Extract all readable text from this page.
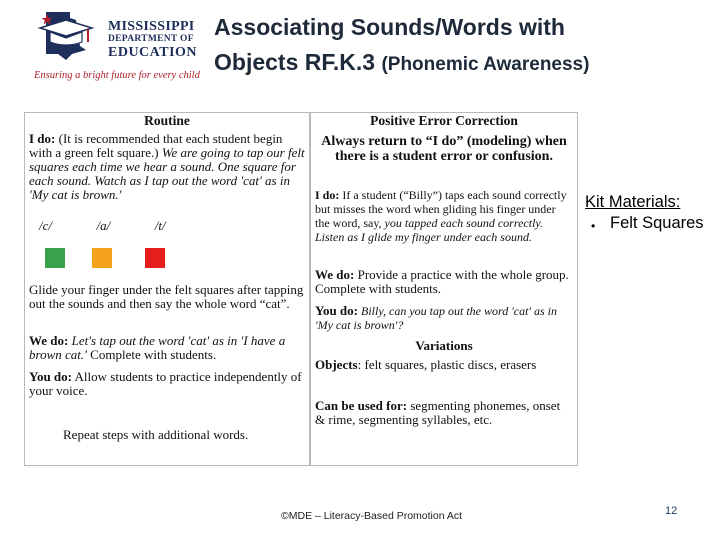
MISSISSIPPI
DEPARTMENT OF
EDUCATION
Ensuring a bright future for every child
Associating Sounds/Words with
Objects RF.K.3 (Phonemic Awareness)
Routine
I do: (It is recommended that each student begin with a green felt square.) We are going to tap our felt squares each time we hear a sound. One square for each sound. Watch as I tap out the word 'cat' as in 'My cat is brown.'
/c/	/a/	/t/
Glide your finger under the felt squares after tapping out the sounds and then say the whole word “cat”.
We do: Let's tap out the word 'cat' as in 'I have a brown cat.' Complete with students.
You do: Allow students to practice independently of your voice.
Repeat steps with additional words.
Positive Error Correction
Always return to “I do” (modeling) when there is a student error or confusion.
I do: If a student (“Billy”) taps each sound correctly but misses the word when gliding his finger under the word, say, you tapped each sound correctly. Listen as I glide my finger under each sound.
We do: Provide a practice with the whole group. Complete with students.
You do: Billy, can you tap out the word 'cat' as in 'My cat is brown'?
Variations
Objects: felt squares, plastic discs, erasers
Can be used for: segmenting phonemes, onset & rime, segmenting syllables, etc.
Kit Materials:
• Felt Squares
©MDE – Literacy-Based Promotion Act	12
